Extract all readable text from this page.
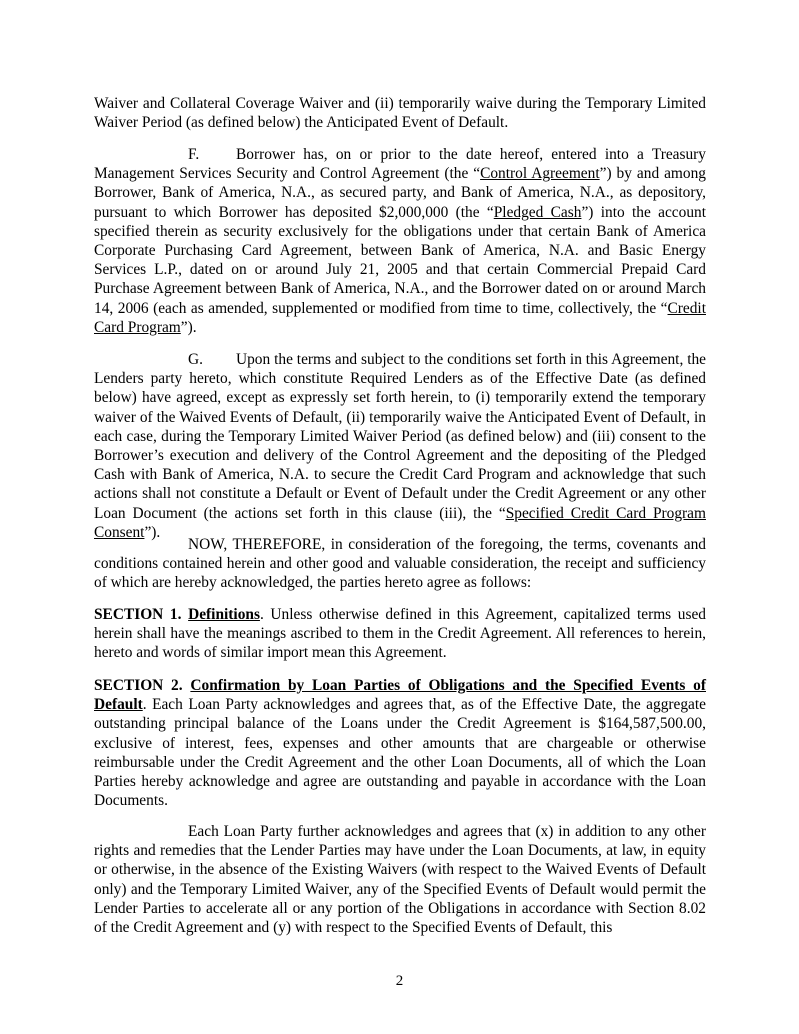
Waiver and Collateral Coverage Waiver and (ii) temporarily waive during the Temporary Limited Waiver Period (as defined below) the Anticipated Event of Default.

F. Borrower has, on or prior to the date hereof, entered into a Treasury Management Services Security and Control Agreement (the “Control Agreement”) by and among Borrower, Bank of America, N.A., as secured party, and Bank of America, N.A., as depository, pursuant to which Borrower has deposited $2,000,000 (the “Pledged Cash”) into the account specified therein as security exclusively for the obligations under that certain Bank of America Corporate Purchasing Card Agreement, between Bank of America, N.A. and Basic Energy Services L.P., dated on or around July 21, 2005 and that certain Commercial Prepaid Card Purchase Agreement between Bank of America, N.A., and the Borrower dated on or around March 14, 2006 (each as amended, supplemented or modified from time to time, collectively, the “Credit Card Program”).

G. Upon the terms and subject to the conditions set forth in this Agreement, the Lenders party hereto, which constitute Required Lenders as of the Effective Date (as defined below) have agreed, except as expressly set forth herein, to (i) temporarily extend the temporary waiver of the Waived Events of Default, (ii) temporarily waive the Anticipated Event of Default, in each case, during the Temporary Limited Waiver Period (as defined below) and (iii) consent to the Borrower’s execution and delivery of the Control Agreement and the depositing of the Pledged Cash with Bank of America, N.A. to secure the Credit Card Program and acknowledge that such actions shall not constitute a Default or Event of Default under the Credit Agreement or any other Loan Document (the actions set forth in this clause (iii), the “Specified Credit Card Program Consent”).

NOW, THEREFORE, in consideration of the foregoing, the terms, covenants and conditions contained herein and other good and valuable consideration, the receipt and sufficiency of which are hereby acknowledged, the parties hereto agree as follows:

SECTION 1. Definitions. Unless otherwise defined in this Agreement, capitalized terms used herein shall have the meanings ascribed to them in the Credit Agreement. All references to herein, hereto and words of similar import mean this Agreement.

SECTION 2. Confirmation by Loan Parties of Obligations and the Specified Events of Default. Each Loan Party acknowledges and agrees that, as of the Effective Date, the aggregate outstanding principal balance of the Loans under the Credit Agreement is $164,587,500.00, exclusive of interest, fees, expenses and other amounts that are chargeable or otherwise reimbursable under the Credit Agreement and the other Loan Documents, all of which the Loan Parties hereby acknowledge and agree are outstanding and payable in accordance with the Loan Documents.

Each Loan Party further acknowledges and agrees that (x) in addition to any other rights and remedies that the Lender Parties may have under the Loan Documents, at law, in equity or otherwise, in the absence of the Existing Waivers (with respect to the Waived Events of Default only) and the Temporary Limited Waiver, any of the Specified Events of Default would permit the Lender Parties to accelerate all or any portion of the Obligations in accordance with Section 8.02 of the Credit Agreement and (y) with respect to the Specified Events of Default, this

2
